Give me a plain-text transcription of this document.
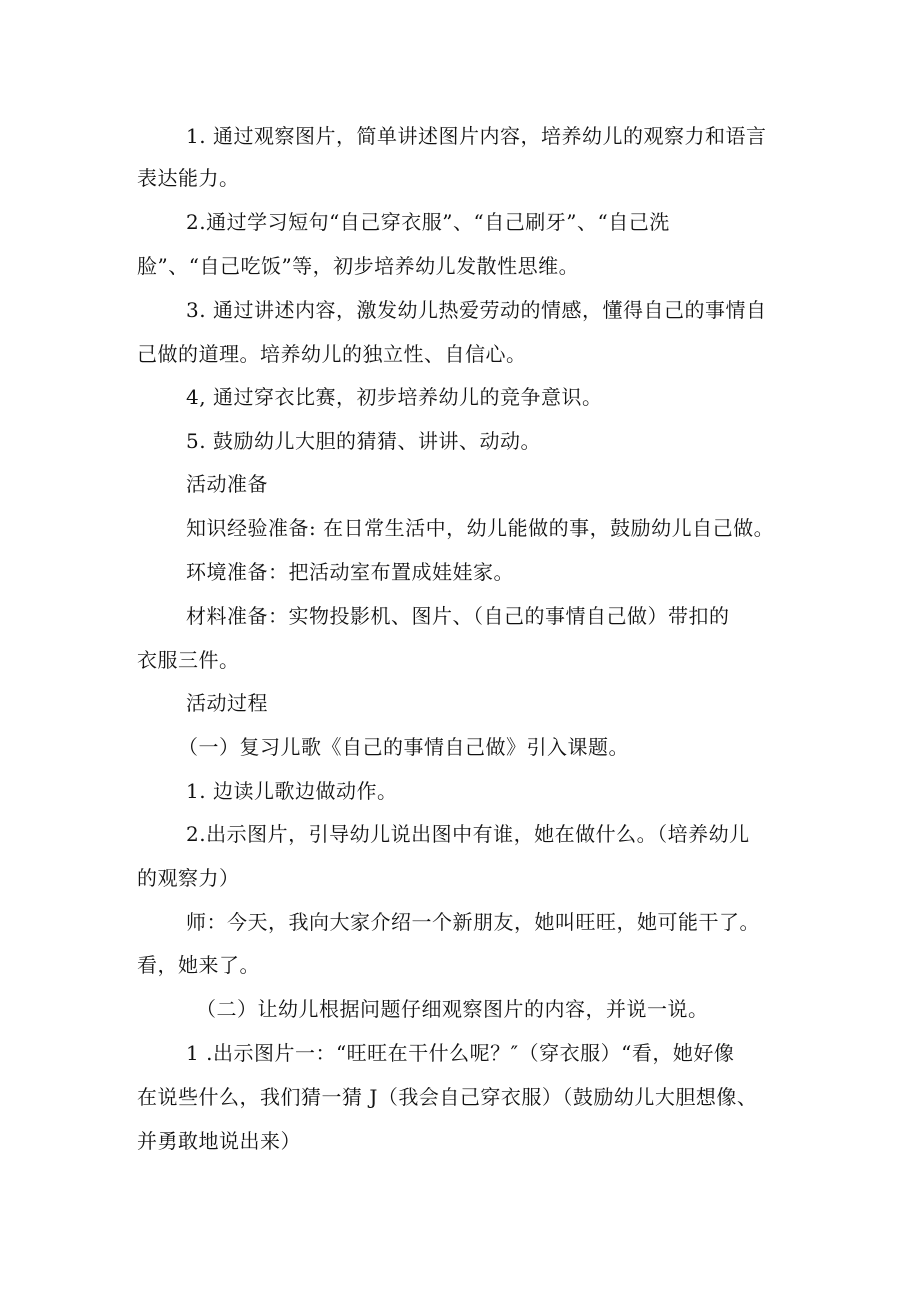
1. 通过观察图片，简单讲述图片内容，培养幼儿的观察力和语言
表达能力。
2.通过学习短句“自己穿衣服”、“自己刷牙”、“自己洗
脸”、“自己吃饭”等，初步培养幼儿发散性思维。
3. 通过讲述内容，激发幼儿热爱劳动的情感，懂得自己的事情自
己做的道理。培养幼儿的独立性、自信心。
4, 通过穿衣比赛，初步培养幼儿的竞争意识。
5. 鼓励幼儿大胆的猜猜、讲讲、动动。
活动准备
知识经验准备: 在日常生活中，幼儿能做的事，鼓励幼儿自己做。
环境准备：把活动室布置成娃娃家。
材料准备：实物投影机、图片、（自己的事情自己做）带扣的
衣服三件。
活动过程
（一）复习儿歌《自己的事情自己做》引入课题。
1. 边读儿歌边做动作。
2.出示图片，引导幼儿说出图中有谁，她在做什么。（培养幼儿
的观察力）
师：今天，我向大家介绍一个新朋友，她叫旺旺，她可能干了。
看，她来了。
（二）让幼儿根据问题仔细观察图片的内容，并说一说。
1 .出示图片一：“旺旺在干什么呢？″（穿衣服）“看，她好像
在说些什么，我们猜一猜 J（我会自己穿衣服）（鼓励幼儿大胆想像、
并勇敢地说出来）
